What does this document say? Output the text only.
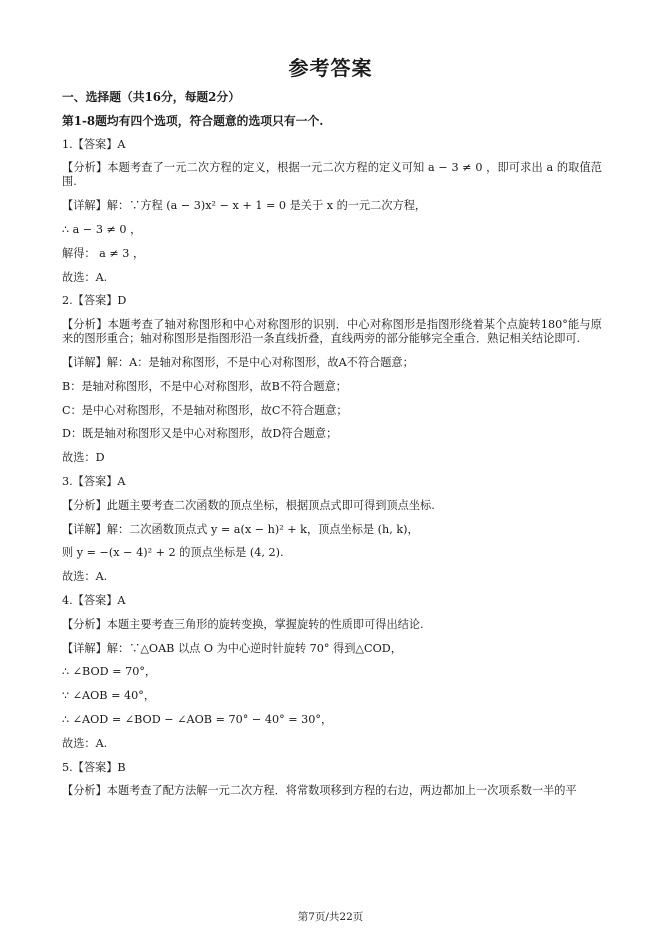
参考答案
一、选择题（共16分，每题2分）
第1-8题均有四个选项，符合题意的选项只有一个.
1.【答案】A
【分析】本题考查了一元二次方程的定义，根据一元二次方程的定义可知 a − 3 ≠ 0 ，即可求出 a 的取值范围.
【详解】解：∵方程 (a − 3)x² − x + 1 = 0 是关于 x 的一元二次方程，
∴ a − 3 ≠ 0 ，
解得： a ≠ 3 ，
故选：A.
2.【答案】D
【分析】本题考查了轴对称图形和中心对称图形的识别．中心对称图形是指图形绕着某个点旋转180°能与原来的图形重合；轴对称图形是指图形沿一条直线折叠，直线两旁的部分能够完全重合．熟记相关结论即可.
【详解】解：A：是轴对称图形，不是中心对称图形，故A不符合题意；
B：是轴对称图形，不是中心对称图形，故B不符合题意；
C：是中心对称图形，不是轴对称图形，故C不符合题意；
D：既是轴对称图形又是中心对称图形，故D符合题意；
故选：D
3.【答案】A
【分析】此题主要考查二次函数的顶点坐标，根据顶点式即可得到顶点坐标.
【详解】解：二次函数顶点式 y = a(x − h)² + k，顶点坐标是 (h, k)，
则 y = −(x − 4)² + 2 的顶点坐标是 (4, 2).
故选：A.
4.【答案】A
【分析】本题主要考查三角形的旋转变换，掌握旋转的性质即可得出结论.
【详解】解：∵△OAB 以点 O 为中心逆时针旋转 70° 得到△COD，
∴ ∠BOD = 70°，
∵ ∠AOB = 40°，
∴ ∠AOD = ∠BOD − ∠AOB = 70° − 40° = 30°，
故选：A.
5.【答案】B
【分析】本题考查了配方法解一元二次方程．将常数项移到方程的右边，两边都加上一次项系数一半的平
第7页/共22页
